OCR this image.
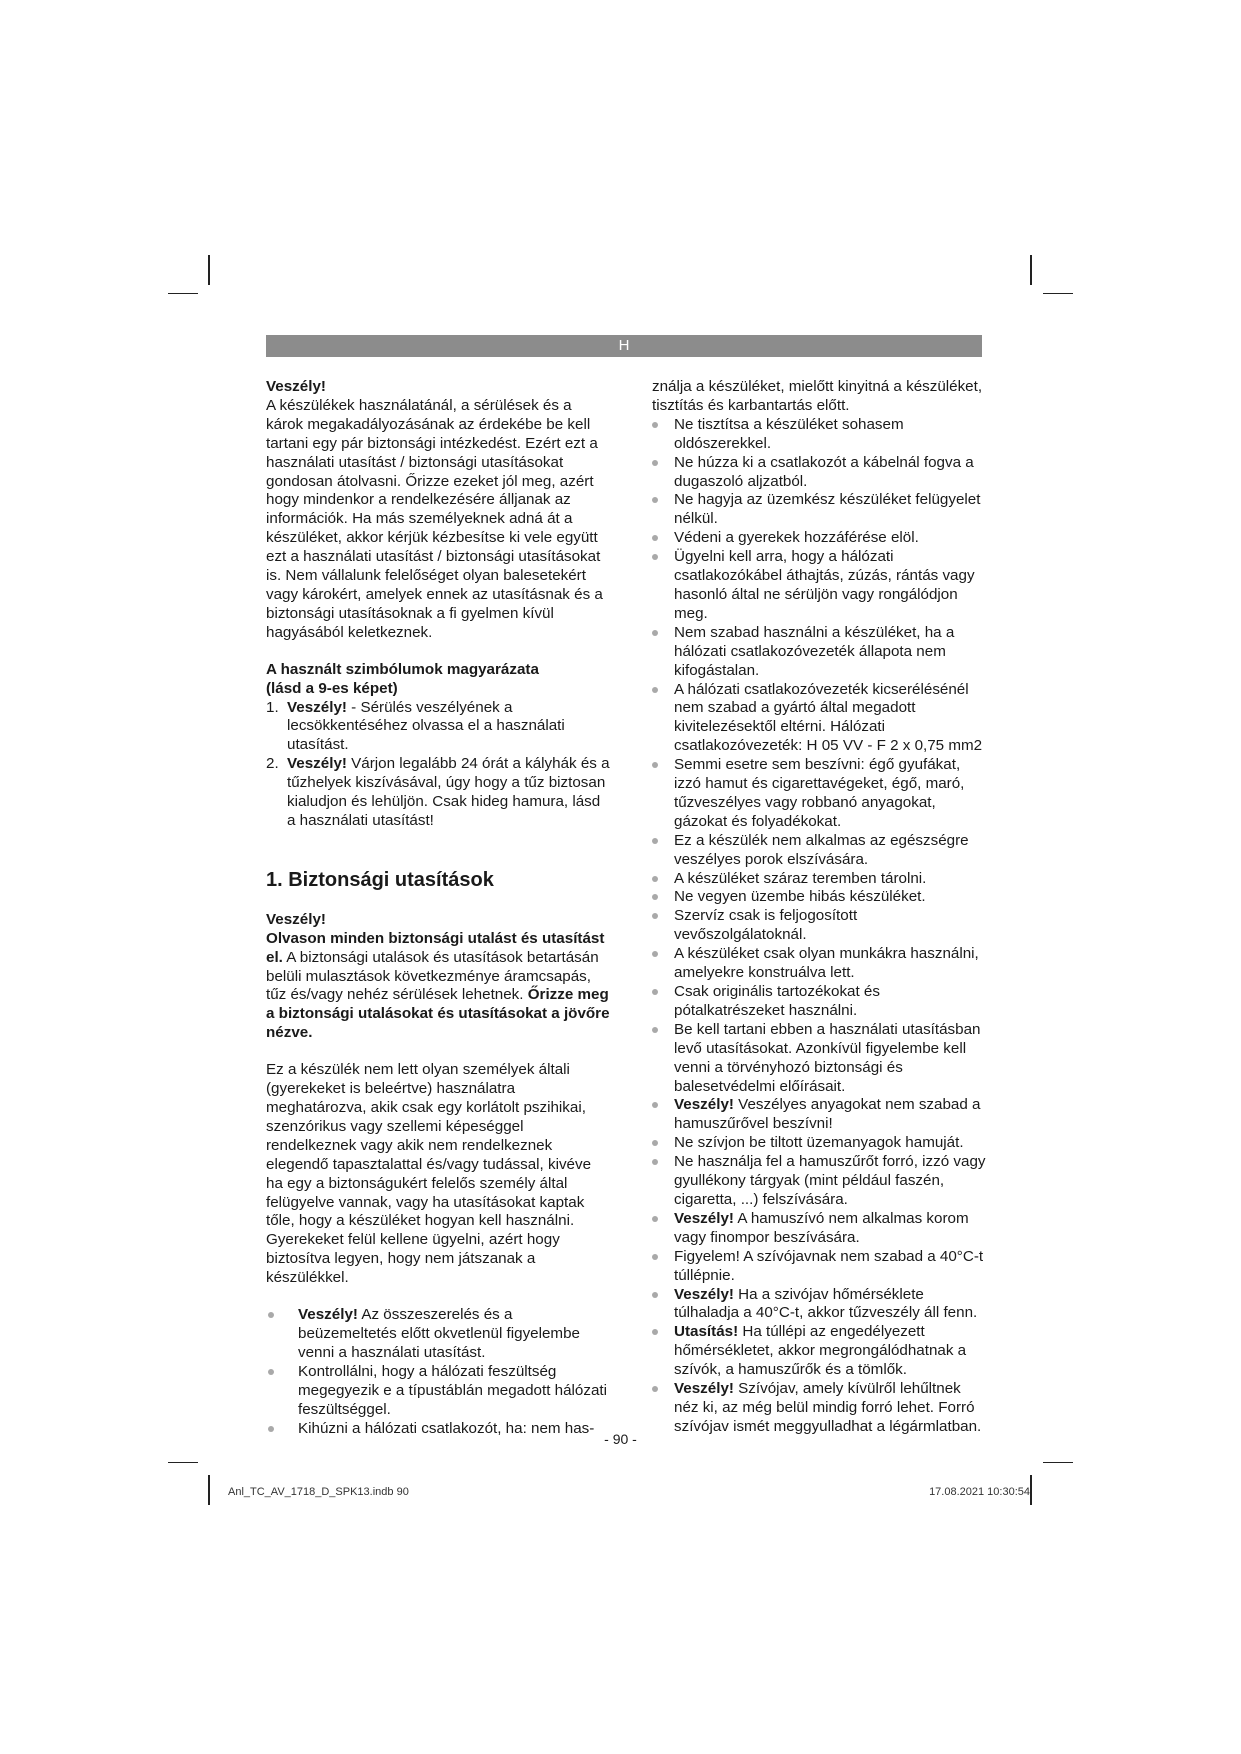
H

Veszély!

A készülékek használatánál, a sérülések és a károk megakadályozásának az érdekébe be kell tartani egy pár biztonsági intézkedést. Ezért ezt a használati utasítást / biztonsági utasításokat gondosan átolvasni. Őrizze ezeket jól meg, azért hogy mindenkor a rendelkezésére álljanak az információk. Ha más személyeknek adná át a készüléket, akkor kérjük kézbesítse ki vele együtt ezt a használati utasítást / biztonsági utasításokat is. Nem vállalunk felelőséget olyan balesetekért vagy károkért, amelyek ennek az utasításnak és a biztonsági utasításoknak a fi gyelmen kívül hagyásából keletkeznek.

A használt szimbólumok magyarázata

(lásd a 9-es képet)

1. Veszély! - Sérülés veszélyének a lecsökkentéséhez olvassa el a használati utasítást.
2. Veszély! Várjon legalább 24 órát a kályhák és a tűzhelyek kiszívásával, úgy hogy a tűz biztosan kialudjon és lehüljön. Csak hideg hamura, lásd a használati utasítást!
1. Biztonsági utasítások

Veszély!

Olvason minden biztonsági utalást és utasítást el. A biztonsági utalások és utasítások betartásán belüli mulasztások következménye áramcsapás, tűz és/vagy nehéz sérülések lehetnek. Őrizze meg a biztonsági utalásokat és utasításokat a jövőre nézve.

Ez a készülék nem lett olyan személyek általi (gyerekeket is beleértve) használatra meghatározva, akik csak egy korlátolt pszihikai, szenzórikus vagy szellemi képeséggel rendelkeznek vagy akik nem rendelkeznek elegendő tapasztalattal és/vagy tudással, kivéve ha egy a biztonságukért felelős személy által felügyelve vannak, vagy ha utasításokat kaptak tőle, hogy a készüléket hogyan kell használni. Gyerekeket felül kellene ügyelni, azért hogy biztosítva legyen, hogy nem játszanak a készülékkel.

Veszély! Az összeszerelés és a beüzemeltetés előtt okvetlenül figyelembe venni a használati utasítást.
Kontrollálni, hogy a hálózati feszültség megegyezik e a típustáblán megadott hálózati feszültséggel.
Kihúzni a hálózati csatlakozót, ha: nem has-

ználja a készüléket, mielőtt kinyitná a készüléket, tisztítás és karbantartás előtt.

Ne tisztítsa a készüléket sohasem oldószerekkel.
Ne húzza ki a csatlakozót a kábelnál fogva a dugaszoló aljzatból.
Ne hagyja az üzemkész készüléket felügyelet nélkül.
Védeni a gyerekek hozzáférése elöl.
Ügyelni kell arra, hogy a hálózati csatlakozókábel áthajtás, zúzás, rántás vagy hasonló által ne sérüljön vagy rongálódjon meg.
Nem szabad használni a készüléket, ha a hálózati csatlakozóvezeték állapota nem kifogástalan.
A hálózati csatlakozóvezeték kicserélésénél nem szabad a gyártó által megadott kivitelezésektől eltérni. Hálózati csatlakozóvezeték: H 05 VV - F 2 x 0,75 mm2
Semmi esetre sem beszívni: égő gyufákat, izzó hamut és cigarettavégeket, égő, maró, tűzveszélyes vagy robbanó anyagokat, gázokat és folyadékokat.
Ez a készülék nem alkalmas az egészségre veszélyes porok elszívására.
A készüléket száraz teremben tárolni.
Ne vegyen üzembe hibás készüléket.
Szervíz csak is feljogosított vevőszolgálatoknál.
A készüléket csak olyan munkákra használni, amelyekre konstruálva lett.
Csak originális tartozékokat és pótalkatrészeket használni.
Be kell tartani ebben a használati utasításban levő utasításokat. Azonkívül figyelembe kell venni a törvényhozó biztonsági és balesetvédelmi előírásait.
Veszély! Veszélyes anyagokat nem szabad a hamuszűrővel beszívni!
Ne szívjon be tiltott üzemanyagok hamuját.
Ne használja fel a hamuszűrőt forró, izzó vagy gyullékony tárgyak (mint például faszén, cigaretta, ...) felszívására.
Veszély! A hamuszívó nem alkalmas korom vagy finompor beszívására.
Figyelem! A szívójavnak nem szabad a 40°C-t túllépnie.
Veszély! Ha a szivójav hőmérséklete túlhaladja a 40°C-t, akkor tűzveszély áll fenn.
Utasítás! Ha túllépi az engedélyezett hőmérsékletet, akkor megrongálódhatnak a szívók, a hamuszűrők és a tömlők.
Veszély! Szívójav, amely kívülről lehűltnek néz ki, az még belül mindig forró lehet. Forró szívójav ismét meggyulladhat a légármlatban.
- 90 -
Anl_TC_AV_1718_D_SPK13.indb 90	17.08.2021 10:30:54
